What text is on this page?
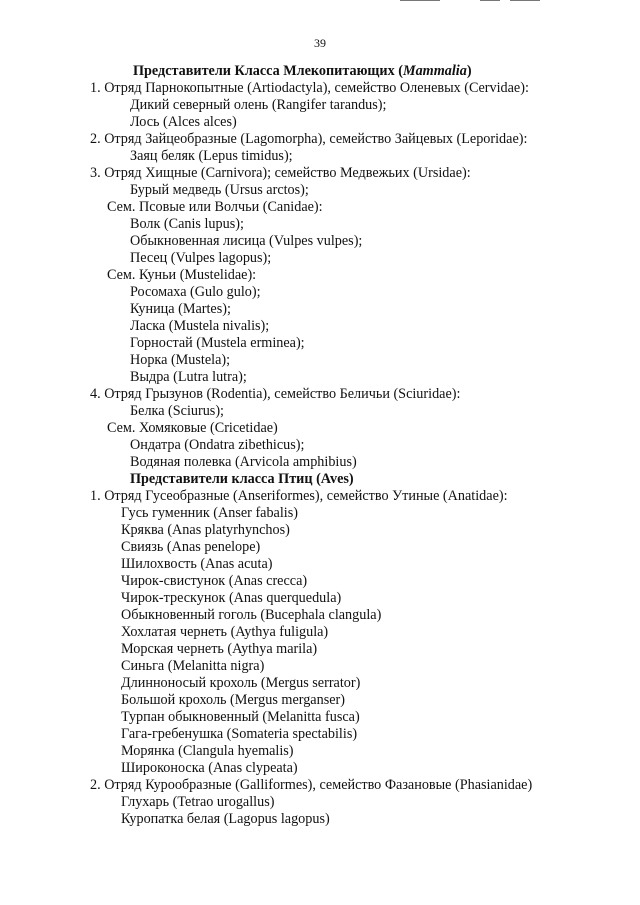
39
Представители Класса Млекопитающих (Mammalia)
1. Отряд Парнокопытные (Artiodactyla), семейство Оленевых (Cervidae):
Дикий северный олень (Rangifer tarandus);
Лось (Alces alces)
2. Отряд Зайцеобразные (Lagomorpha), семейство Зайцевых (Leporidae):
Заяц беляк (Lepus timidus);
3. Отряд Хищные (Carnivora); семейство Медвежьих (Ursidae):
Бурый медведь (Ursus arctos);
Сем. Псовые или Волчьи (Canidae):
Волк (Canis lupus);
Обыкновенная лисица (Vulpes vulpes);
Песец (Vulpes lagopus);
Сем. Куньи (Mustelidae):
Росомаха (Gulo gulo);
Куница (Martes);
Ласка (Mustela nivalis);
Горностай (Mustela erminea);
Норка (Mustela);
Выдра (Lutra lutra);
4. Отряд Грызунов (Rodentia), семейство Беличьи (Sciuridae):
Белка (Sciurus);
Сем. Хомяковые (Cricetidae)
Ондатра (Ondatra zibethicus);
Водяная полевка (Arvicola amphibius)
Представители класса Птиц (Aves)
1. Отряд Гусеобразные (Anseriformes), семейство Утиные (Anatidae):
Гусь гуменник (Anser fabalis)
Кряква (Anas platyrhynchos)
Свиязь (Anas penelope)
Шилохвость (Anas acuta)
Чирок-свистунок (Anas crecca)
Чирок-трескунок (Anas querquedula)
Обыкновенный гоголь (Bucephala clangula)
Хохлатая чернеть (Aythya fuligula)
Морская чернеть (Aythya marila)
Синьга (Melanitta nigra)
Длинноносый крохоль (Mergus serrator)
Большой крохоль (Mergus merganser)
Турпан обыкновенный (Melanitta fusca)
Гага-гребенушка (Somateria spectabilis)
Морянка (Clangula hyemalis)
Широконоска (Anas clypeata)
2. Отряд Курообразные (Galliformes), семейство Фазановые (Phasianidae)
Глухарь (Tetrao urogallus)
Куропатка белая (Lagopus lagopus)
